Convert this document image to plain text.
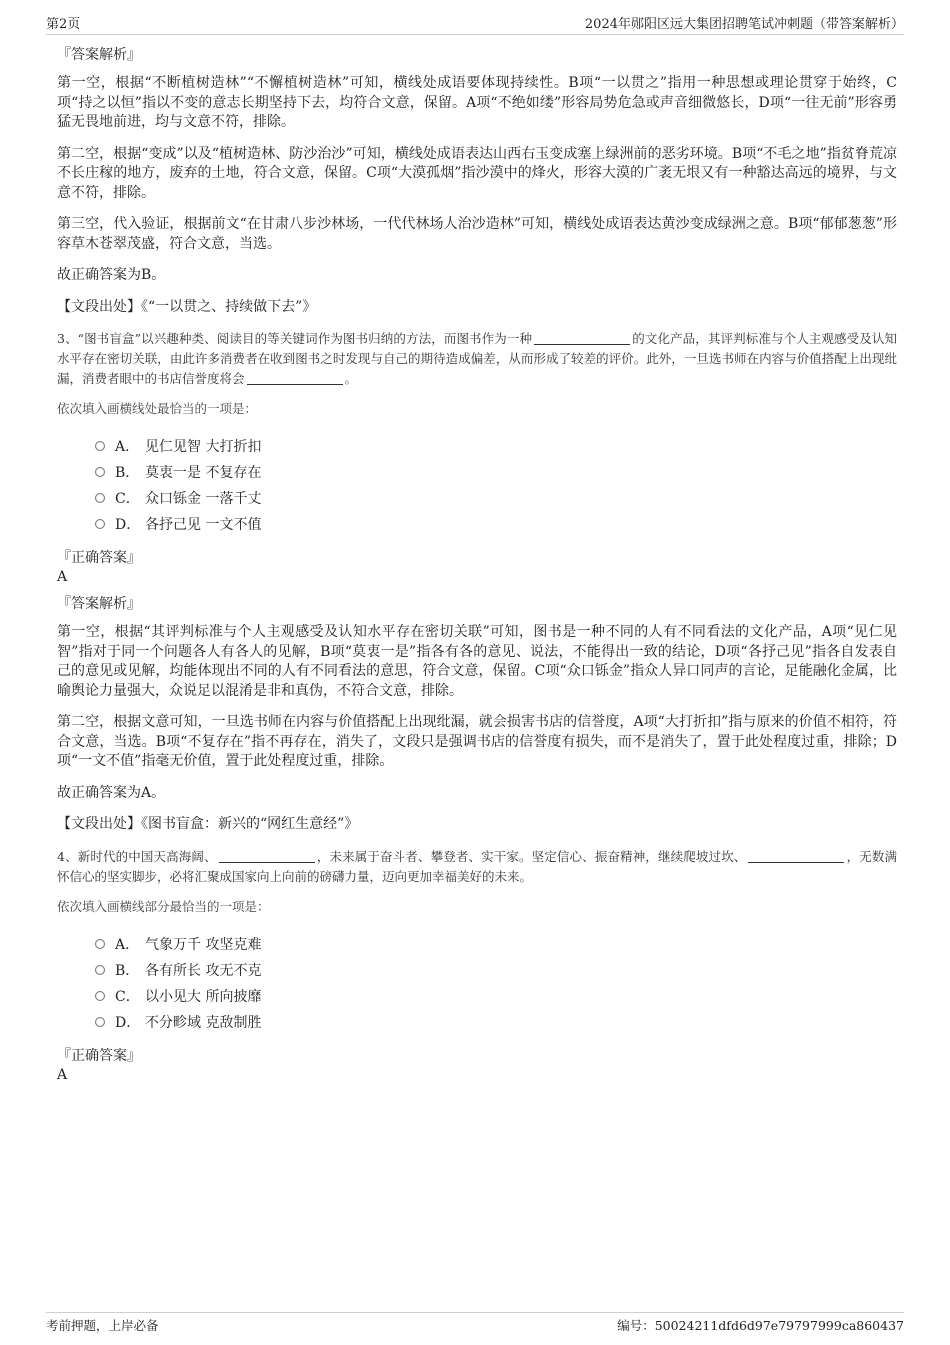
第2页	2024年郧阳区远大集团招聘笔试冲刺题（带答案解析）
『答案解析』

第一空，根据“不断植树造林”“不懈植树造林”可知，横线处成语要体现持续性。B项“一以贯之”指用一种思想或理论贯穿于始终，C项“持之以恒”指以不变的意志长期坚持下去，均符合文意，保留。A项“不绝如缕”形容局势危急或声音细微悠长，D项“一往无前”形容勇猛无畏地前进，均与文意不符，排除。

第二空，根据“变成”以及“植树造林、防沙治沙”可知，横线处成语表达山西右玉变成塞上绿洲前的恶劣环境。B项“不毛之地”指贫脊荒凉不长庄稼的地方，废弃的土地，符合文意，保留。C项“大漠孤烟”指沙漠中的烽火，形容大漠的广袤无垠又有一种豁达高远的境界，与文意不符，排除。

第三空，代入验证，根据前文“在甘肃八步沙林场，一代代林场人治沙造林”可知，横线处成语表达黄沙变成绿洲之意。B项“郁郁葱葱”形容草木苍翠茂盛，符合文意，当选。

故正确答案为B。

【文段出处】《“一以贯之、持续做下去”》

3、“图书盲盒”以兴趣种类、阅读目的等关键词作为图书归纳的方法，而图书作为一种	的文化产品，其评判标准与个人主观感受及认知水平存在密切关联，由此许多消费者在收到图书之时发现与自己的期待造成偏差，从而形成了较差的评价。此外，一旦选书师在内容与价值搭配上出现纰漏，消费者眼中的书店信誉度将会	。

依次填入画横线处最恰当的一项是：

A． 见仁见智 大打折扣
B． 莫衷一是 不复存在
C． 众口铄金 一落千丈
D． 各抒己见 一文不值
『正确答案』
A
『答案解析』

第一空，根据“其评判标准与个人主观感受及认知水平存在密切关联”可知，图书是一种不同的人有不同看法的文化产品，A项“见仁见智”指对于同一个问题各人有各人的见解，B项“莫衷一是”指各有各的意见、说法，不能得出一致的结论，D项“各抒己见”指各自发表自己的意见或见解，均能体现出不同的人有不同看法的意思，符合文意，保留。C项“众口铄金”指众人异口同声的言论，足能融化金属，比喻舆论力量强大，众说足以混淆是非和真伪，不符合文意，排除。

第二空，根据文意可知，一旦选书师在内容与价值搭配上出现纰漏，就会损害书店的信誉度，A项“大打折扣”指与原来的价值不相符，符合文意，当选。B项“不复存在”指不再存在，消失了，文段只是强调书店的信誉度有损失，而不是消失了，置于此处程度过重，排除；D项“一文不值”指毫无价值，置于此处程度过重，排除。

故正确答案为A。

【文段出处】《图书盲盒：新兴的“网红生意经”》

4、新时代的中国天高海阔、	，未来属于奋斗者、攀登者、实干家。坚定信心、振奋精神，继续爬坡过坎、	，无数满怀信心的坚实脚步，必将汇聚成国家向上向前的磅礴力量，迈向更加幸福美好的未来。

依次填入画横线部分最恰当的一项是：

A． 气象万千 攻坚克难
B． 各有所长 攻无不克
C． 以小见大 所向披靡
D． 不分畛域 克敌制胜
『正确答案』
A
考前押题，上岸必备	编号：50024211dfd6d97e79797999ca860437
